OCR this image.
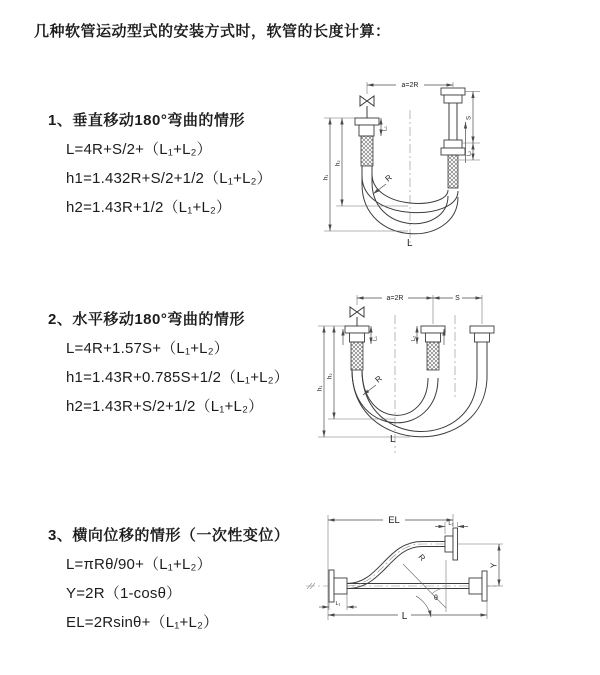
几种软管运动型式的安装方式时，软管的长度计算：
1、垂直移动180°弯曲的情形
L=4R+S/2+（L₁+L₂）
h1=1.432R+S/2+1/2（L₁+L₂）
h2=1.43R+1/2（L₁+L₂）
2、水平移动180°弯曲的情形
L=4R+1.57S+（L₁+L₂）
h1=1.43R+0.785S+1/2（L₁+L₂）
h2=1.43R+S/2+1/2（L₁+L₂）
3、横向位移的情形（一次性变位）
L=πRθ/90+（L₁+L₂）
Y=2R（1-cosθ）
EL=2Rsinθ+（L₁+L₂）
a=2R
S
L₂
L₁
h₂
h₁	R
L
a=2R	S
L₁	L₂
h₂
h₁
R
L
θ
R
EL	L₂
Y
L
L₁
